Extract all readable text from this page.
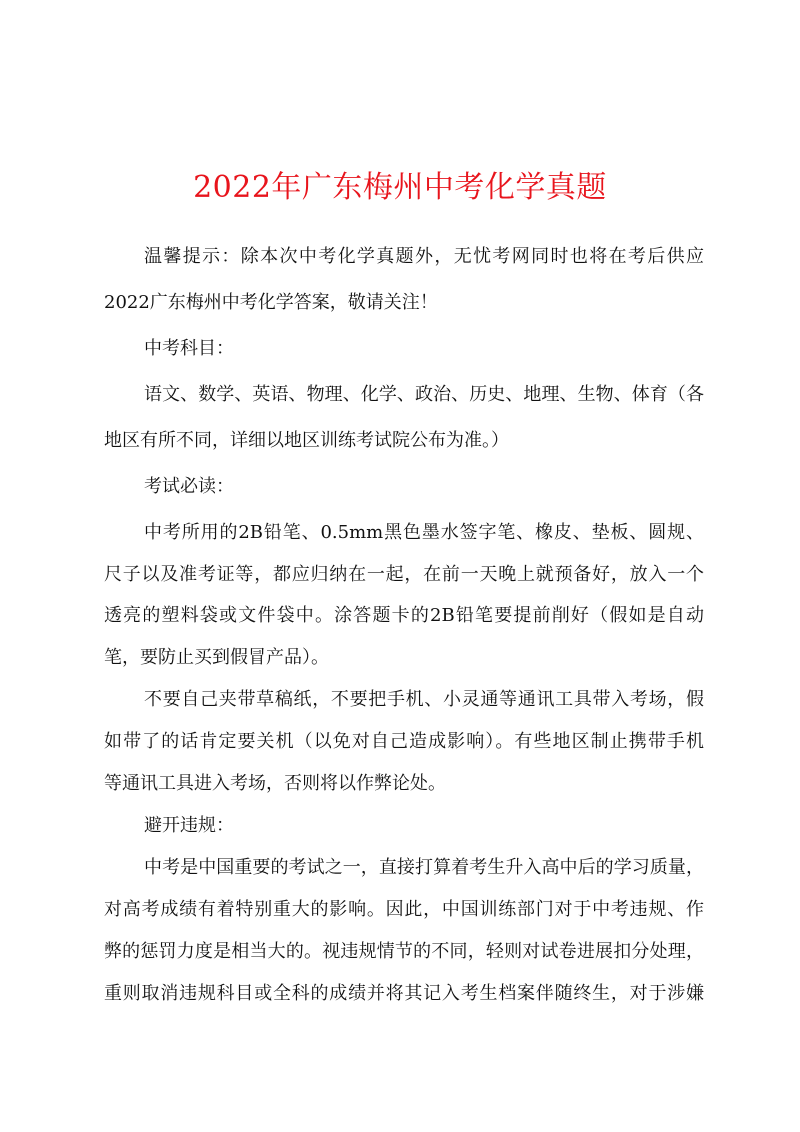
2022年广东梅州中考化学真题
温馨提示：除本次中考化学真题外，无忧考网同时也将在考后供应
2022广东梅州中考化学答案，敬请关注！
中考科目：
语文、数学、英语、物理、化学、政治、历史、地理、生物、体育（各
地区有所不同，详细以地区训练考试院公布为准。）
考试必读：
中考所用的2B铅笔、0.5mm黑色墨水签字笔、橡皮、垫板、圆规、
尺子以及准考证等，都应归纳在一起，在前一天晚上就预备好，放入一个
透亮的塑料袋或文件袋中。涂答题卡的2B铅笔要提前削好（假如是自动
笔，要防止买到假冒产品）。
不要自己夹带草稿纸，不要把手机、小灵通等通讯工具带入考场，假
如带了的话肯定要关机（以免对自己造成影响）。有些地区制止携带手机
等通讯工具进入考场，否则将以作弊论处。
避开违规：
中考是中国重要的考试之一，直接打算着考生升入高中后的学习质量，
对高考成绩有着特别重大的影响。因此，中国训练部门对于中考违规、作
弊的惩罚力度是相当大的。视违规情节的不同，轻则对试卷进展扣分处理，
重则取消违规科目或全科的成绩并将其记入考生档案伴随终生，对于涉嫌
